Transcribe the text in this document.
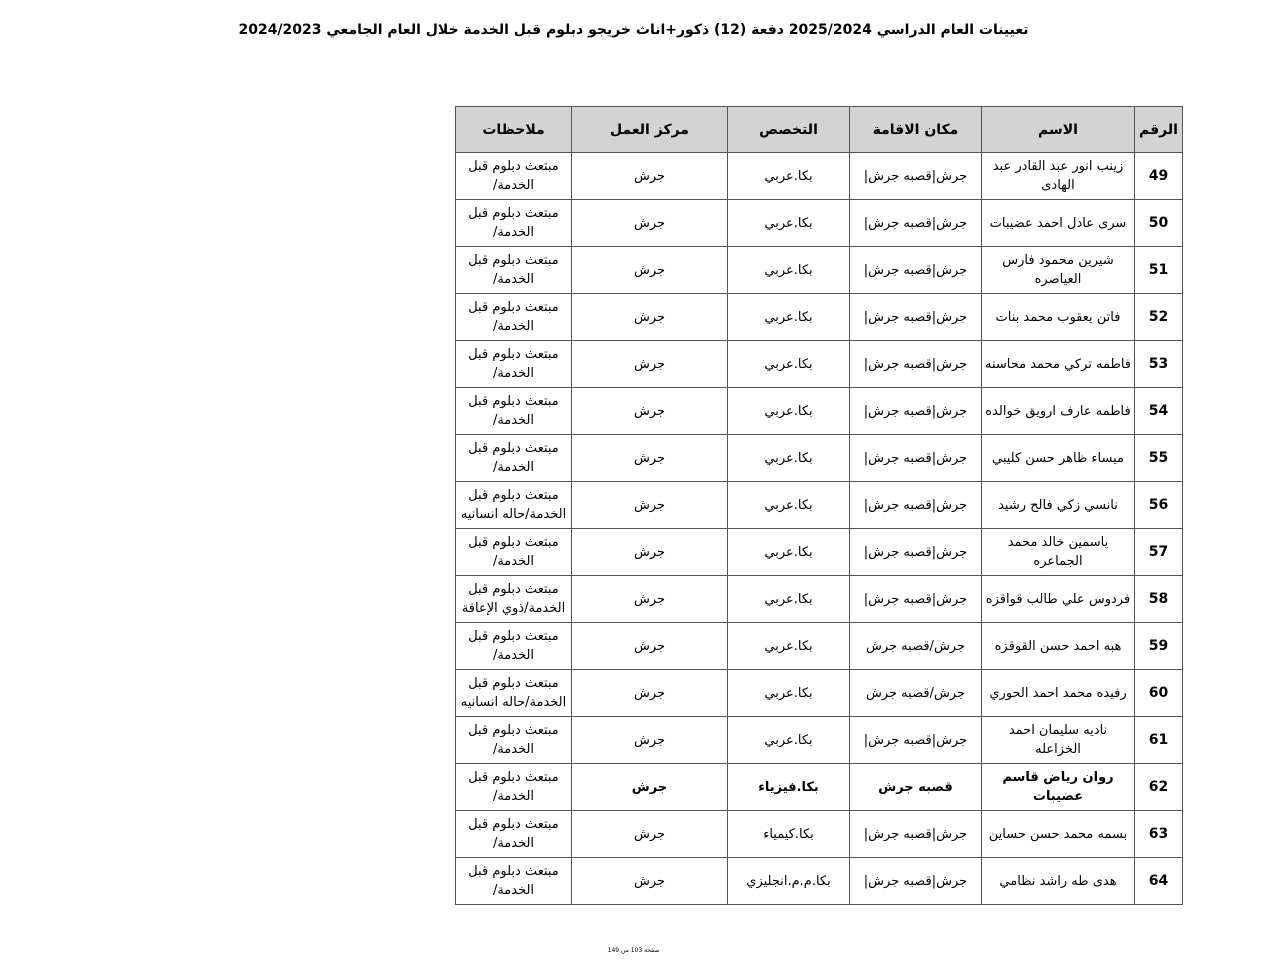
تعيينات العام الدراسي 2025/2024 دفعة (12) ذكور+اناث خريجو دبلوم قبل الخدمة خلال العام الجامعي 2024/2023
الرقم	الاسم	مكان الاقامة	التخصص	مركز العمل	ملاحظات
49	زينب انور عبد القادر عبد الهادى	جرش|قصبه جرش|	بكا.عربي	جرش	مبتعث دبلوم قبل الخدمة/
50	سرى عادل احمد عضيبات	جرش|قصبه جرش|	بكا.عربي	جرش	مبتعث دبلوم قبل الخدمة/
51	شيرين محمود فارس العياصره	جرش|قصبه جرش|	بكا.عربي	جرش	مبتعث دبلوم قبل الخدمة/
52	فاتن يعقوب محمد بنات	جرش|قصبه جرش|	بكا.عربي	جرش	مبتعث دبلوم قبل الخدمة/
53	فاطمه تركي محمد محاسنه	جرش|قصبه جرش|	بكا.عربي	جرش	مبتعث دبلوم قبل الخدمة/
54	فاطمه عارف ارويق خوالده	جرش|قصبه جرش|	بكا.عربي	جرش	مبتعث دبلوم قبل الخدمة/
55	ميساء ظاهر حسن كليبي	جرش|قصبه جرش|	بكا.عربي	جرش	مبتعث دبلوم قبل الخدمة/
56	نانسي زكي فالح رشيد	جرش|قصبه جرش|	بكا.عربي	جرش	مبتعث دبلوم قبل الخدمة/حاله انسانيه
57	ياسمين خالد محمد الجماعره	جرش|قصبه جرش|	بكا.عربي	جرش	مبتعث دبلوم قبل الخدمة/
58	فردوس علي طالب قواقزه	جرش|قصبه جرش|	بكا.عربي	جرش	مبتعث دبلوم قبل الخدمة/ذوي الإعاقة
59	هبه احمد حسن القوقزه	جرش/قصبه جرش	بكا.عربي	جرش	مبتعث دبلوم قبل الخدمة/
60	رفيده محمد احمد الحوري	جرش/قصبه جرش	بكا.عربي	جرش	مبتعث دبلوم قبل الخدمة/حاله انسانيه
61	ناديه سليمان احمد الخزاعله	جرش|قصبه جرش|	بكا.عربي	جرش	مبتعث دبلوم قبل الخدمة/
62	روان رياض قاسم عضيبات	قصبه جرش	بكا.فيزياء	جرش	مبتعث دبلوم قبل الخدمة/
63	بسمه محمد حسن حساين	جرش|قصبه جرش|	بكا.كيمياء	جرش	مبتعث دبلوم قبل الخدمة/
64	هدى طه راشد نظامي	جرش|قصبه جرش|	بكا.م.م.انجليزي	جرش	مبتعث دبلوم قبل الخدمة/
صفحة 103 من 149
